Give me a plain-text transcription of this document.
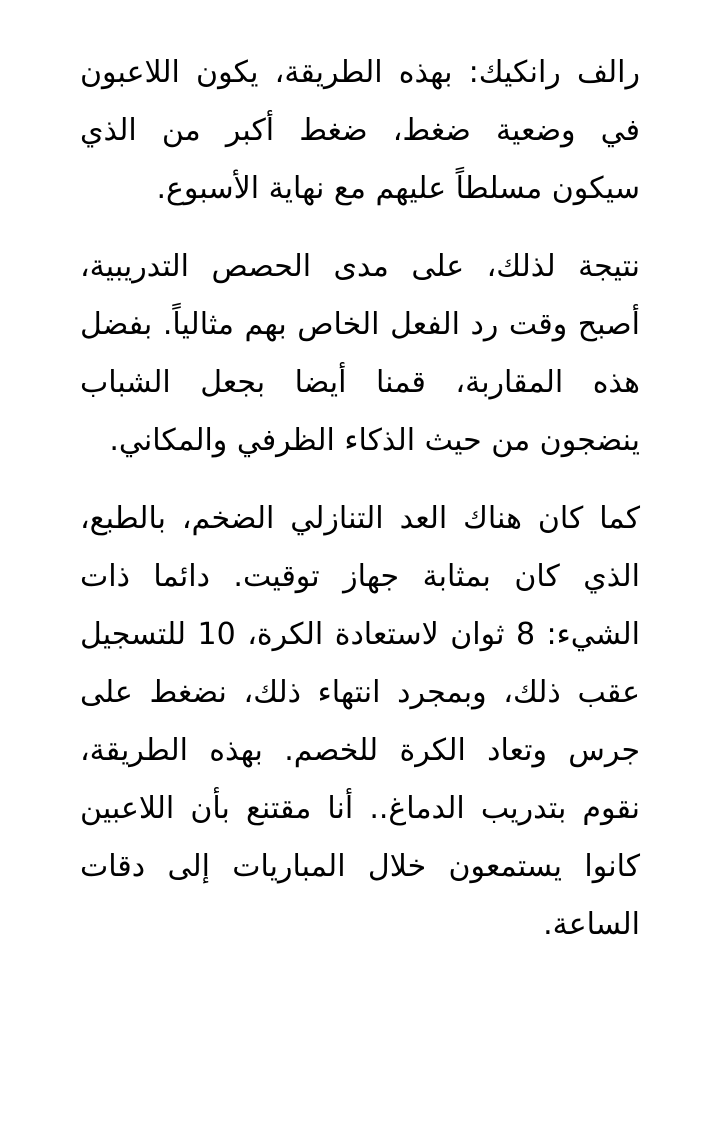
رالف رانكيك: بهذه الطريقة، يكون اللاعبون في وضعية ضغط، ضغط أكبر من الذي سيكون مسلطاً عليهم مع نهاية الأسبوع.

نتيجة لذلك، على مدى الحصص التدريبية، أصبح وقت رد الفعل الخاص بهم مثالياً. بفضل هذه المقاربة، قمنا أيضا بجعل الشباب ينضجون من حيث الذكاء الظرفي والمكاني.

كما كان هناك العد التنازلي الضخم، بالطبع، الذي كان بمثابة جهاز توقيت. دائما ذات الشيء: 8 ثوان لاستعادة الكرة، 10 للتسجيل عقب ذلك، وبمجرد انتهاء ذلك، نضغط على جرس وتعاد الكرة للخصم. بهذه الطريقة، نقوم بتدريب الدماغ.. أنا مقتنع بأن اللاعبين كانوا يستمعون خلال المباريات إلى دقات الساعة.
